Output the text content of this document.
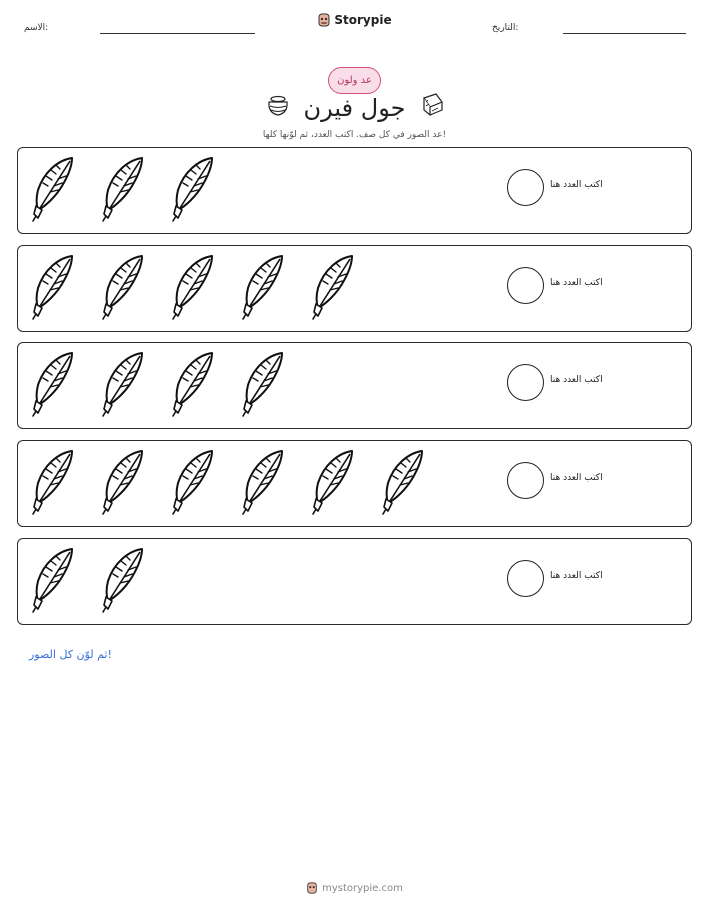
الاسم:
Storypie
التاريخ:
عد ولون
جول فيرن
عد الصور في كل صف. اكتب العدد، ثم لوّنها كلها!
اكتب العدد هنا
اكتب العدد هنا
اكتب العدد هنا
اكتب العدد هنا
اكتب العدد هنا
ثم لوّن كل الصور!
mystorypie.com
